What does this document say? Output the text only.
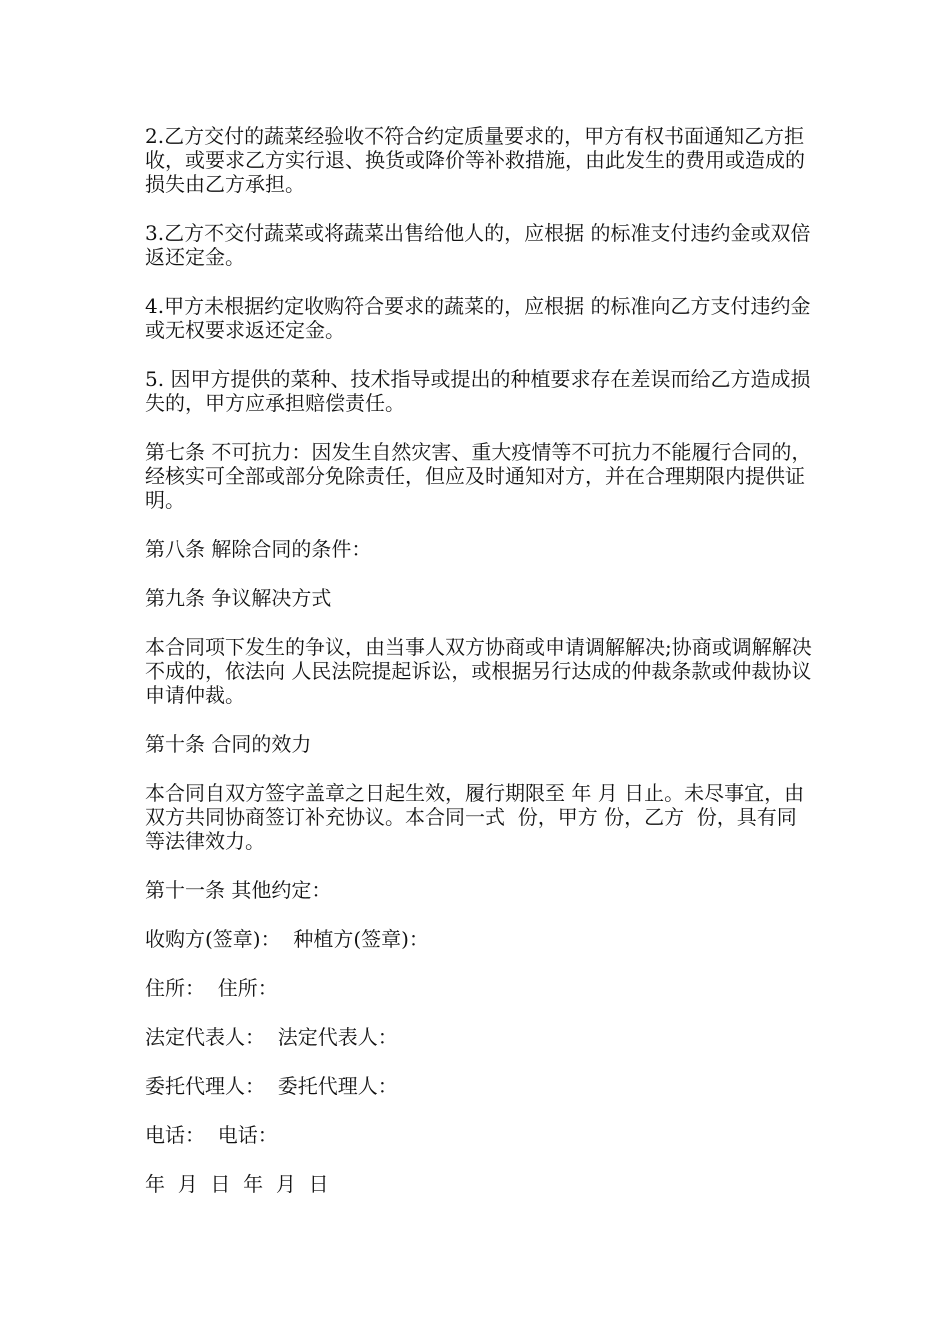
2.乙方交付的蔬菜经验收不符合约定质量要求的，甲方有权书面通知乙方拒收，或要求乙方实行退、换货或降价等补救措施，由此发生的费用或造成的损失由乙方承担。

3.乙方不交付蔬菜或将蔬菜出售给他人的，应根据 的标准支付违约金或双倍返还定金。

4.甲方未根据约定收购符合要求的蔬菜的，应根据 的标准向乙方支付违约金或无权要求返还定金。

5. 因甲方提供的菜种、技术指导或提出的种植要求存在差误而给乙方造成损失的，甲方应承担赔偿责任。

第七条 不可抗力：因发生自然灾害、重大疫情等不可抗力不能履行合同的，经核实可全部或部分免除责任，但应及时通知对方，并在合理期限内提供证明。

第八条 解除合同的条件：

第九条 争议解决方式

本合同项下发生的争议，由当事人双方协商或申请调解解决;协商或调解解决不成的，依法向 人民法院提起诉讼，或根据另行达成的仲裁条款或仲裁协议申请仲裁。

第十条 合同的效力

本合同自双方签字盖章之日起生效，履行期限至 年 月 日止。未尽事宜，由双方共同协商签订补充协议。本合同一式  份，甲方 份，乙方  份，具有同等法律效力。

第十一条 其他约定：

收购方(签章)：  种植方(签章)：

住所：  住所：

法定代表人：  法定代表人：

委托代理人：  委托代理人：

电话：  电话：

年  月  日  年  月  日
